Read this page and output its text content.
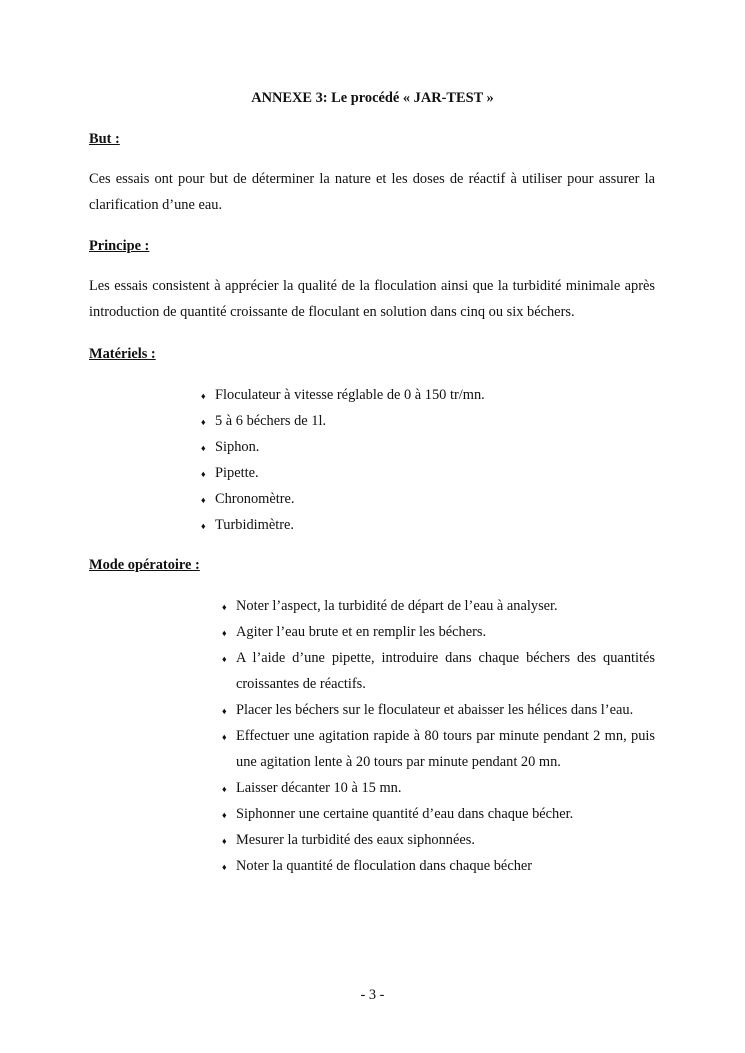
ANNEXE 3: Le procédé « JAR-TEST »
But :
Ces essais ont pour but de déterminer la nature et les doses de réactif à utiliser pour assurer la clarification d’une eau.
Principe :
Les essais consistent à apprécier la qualité de la floculation ainsi que la turbidité minimale après introduction de quantité croissante de floculant en solution dans cinq ou six béchers.
Matériels :
♦ Floculateur à vitesse réglable de 0 à 150 tr/mn.
♦ 5 à 6 béchers de 1l.
♦ Siphon.
♦ Pipette.
♦ Chronomètre.
♦ Turbidimètre.
Mode opératoire :
♦ Noter l’aspect, la turbidité de départ de l’eau à analyser.
♦ Agiter l’eau brute et en remplir les béchers.
♦ A l’aide d’une pipette, introduire dans chaque béchers des quantités croissantes de réactifs.
♦ Placer les béchers sur le floculateur et abaisser les hélices dans l’eau.
♦ Effectuer une agitation rapide à 80 tours par minute pendant 2 mn, puis une agitation lente à 20 tours par minute pendant 20 mn.
♦ Laisser décanter 10 à 15 mn.
♦ Siphonner une certaine quantité d’eau dans chaque bécher.
♦ Mesurer la turbidité des eaux siphonnées.
♦ Noter la quantité de floculation dans chaque bécher
- 3 -
